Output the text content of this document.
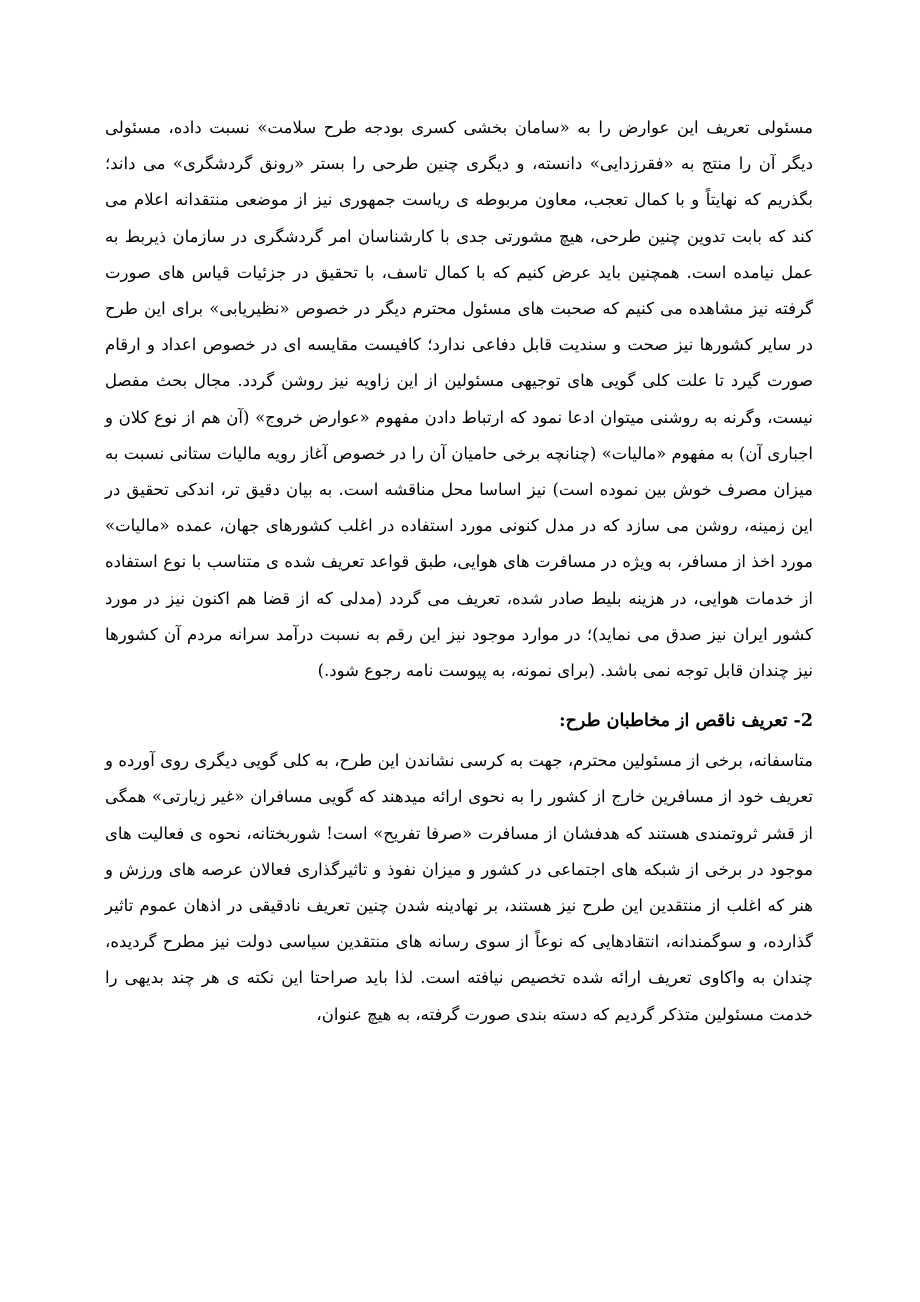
مسئولی تعریف این عوارض را به «سامان بخشی کسری بودجه طرح سلامت» نسبت داده، مسئولی دیگر آن را منتج به «فقرزدایی» دانسته، و دیگری چنین طرحی را بستر «رونق گردشگری» می داند؛ بگذریم که نهایتاً و با کمال تعجب، معاون مربوطه ی ریاست جمهوری نیز از موضعی منتقدانه اعلام می کند که بابت تدوین چنین طرحی، هیچ مشورتی جدی با کارشناسان امر گردشگری در سازمان ذیربط به عمل نیامده است. همچنین باید عرض کنیم که با کمال تاسف، با تحقیق در جزئیات قیاس های صورت گرفته نیز مشاهده می کنیم که صحبت های مسئول محترم دیگر در خصوص «نظیریابی» برای این طرح در سایر کشورها نیز صحت و سندیت قابل دفاعی ندارد؛ کافیست مقایسه ای در خصوص اعداد و ارقام صورت گیرد تا علت کلی گویی های توجیهی مسئولین از این زاویه نیز روشن گردد. مجال بحث مفصل نیست، وگرنه به روشنی میتوان ادعا نمود که ارتباط دادن مفهوم «عوارض خروج» (آن هم از نوع کلان و اجباری آن) به مفهوم «مالیات» (چنانچه برخی حامیان آن را در خصوص آغاز رویه مالیات ستانی نسبت به میزان مصرف خوش بین نموده است) نیز اساسا محل مناقشه است. به بیان دقیق تر، اندکی تحقیق در این زمینه، روشن می سازد که در مدل کنونی مورد استفاده در اغلب کشورهای جهان، عمده «مالیات» مورد اخذ از مسافر، به ویژه در مسافرت های هوایی، طبق قواعد تعریف شده ی متناسب با نوع استفاده از خدمات هوایی، در هزینه بلیط صادر شده، تعریف می گردد (مدلی که از قضا هم اکنون نیز در مورد کشور ایران نیز صدق می نماید)؛ در موارد موجود نیز این رقم به نسبت درآمد سرانه مردم آن کشورها نیز چندان قابل توجه نمی باشد. (برای نمونه، به پیوست نامه رجوع شود.)

2-تعریف ناقص از مخاطبان طرح:

متاسفانه، برخی از مسئولین محترم، جهت به کرسی نشاندن این طرح، به کلی گویی دیگری روی آورده و تعریف خود از مسافرین خارج از کشور را به نحوی ارائه میدهند که گویی مسافران «غیر زیارتی» همگی از قشر ثروتمندی هستند که هدفشان از مسافرت «صرفا تفریح» است! شوربختانه، نحوه ی فعالیت های موجود در برخی از شبکه های اجتماعی در کشور و میزان نفوذ و تاثیرگذاری فعالان عرصه های ورزش و هنر که اغلب از منتقدین این طرح نیز هستند، بر نهادینه شدن چنین تعریف نادقیقی در اذهان عموم تاثیر گذارده، و سوگمندانه، انتقادهایی که نوعاً از سوی رسانه های منتقدین سیاسی دولت نیز مطرح گردیده، چندان به واکاوی تعریف ارائه شده تخصیص نیافته است. لذا باید صراحتا این نکته ی هر چند بدیهی را خدمت مسئولین متذکر گردیم که دسته بندی صورت گرفته، به هیچ عنوان،
